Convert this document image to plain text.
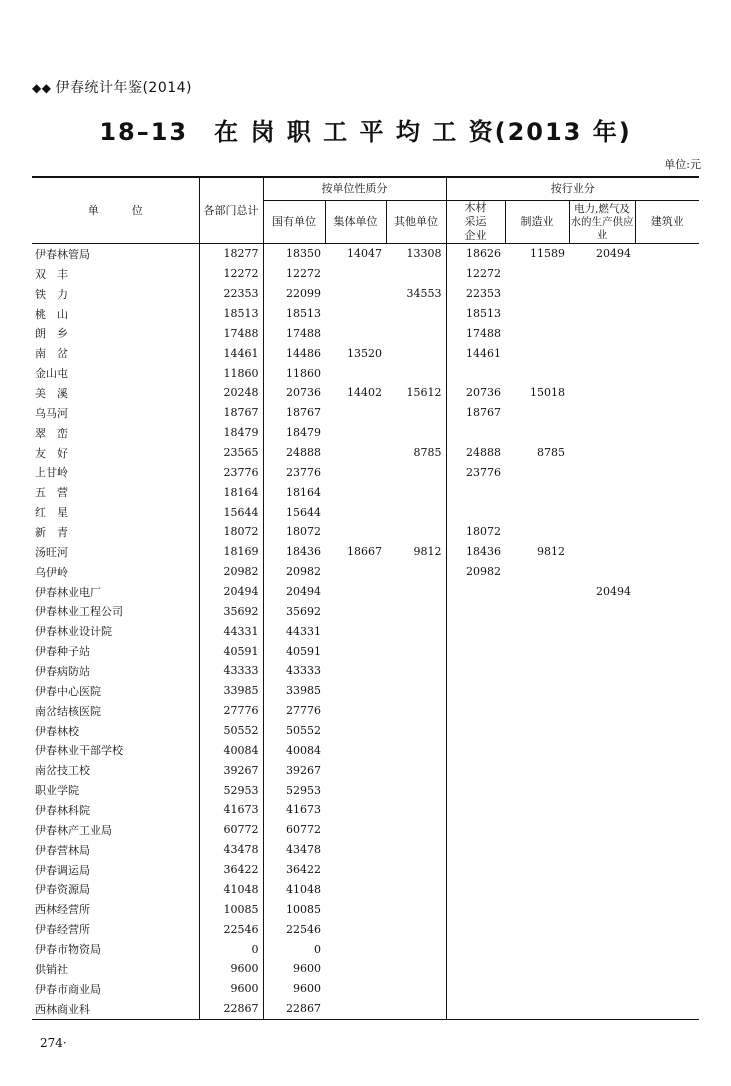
◆◆ 伊春统计年鉴(2014)
18–13　在 岗 职 工 平 均 工 资(2013 年)
单位:元
单　　　位	各部门总计	按单位性质分			按行业分			
		国有单位	集体单位	其他单位	木材采运企业	制造业	电力,燃气及水的生产供应业	建筑业
伊春林管局	18277	18350	14047	13308	18626	11589	20494	
双　丰	12272	12272			12272			
铁　力	22353	22099		34553	22353			
桃　山	18513	18513			18513			
朗　乡	17488	17488			17488			
南　岔	14461	14486	13520		14461			
金山屯	11860	11860						
美　溪	20248	20736	14402	15612	20736	15018		
乌马河	18767	18767			18767			
翠　峦	18479	18479						
友　好	23565	24888		8785	24888	8785		
上甘岭	23776	23776			23776			
五　营	18164	18164						
红　星	15644	15644						
新　青	18072	18072			18072			
汤旺河	18169	18436	18667	9812	18436	9812		
乌伊岭	20982	20982			20982			
伊春林业电厂	20494	20494					20494	
伊春林业工程公司	35692	35692						
伊春林业设计院	44331	44331						
伊春种子站	40591	40591						
伊春病防站	43333	43333						
伊春中心医院	33985	33985						
南岔结核医院	27776	27776						
伊春林校	50552	50552						
伊春林业干部学校	40084	40084						
南岔技工校	39267	39267						
职业学院	52953	52953						
伊春林科院	41673	41673						
伊春林产工业局	60772	60772						
伊春营林局	43478	43478						
伊春调运局	36422	36422						
伊春资源局	41048	41048						
西林经营所	10085	10085						
伊春经营所	22546	22546						
伊春市物资局	0	0						
供销社	9600	9600						
伊春市商业局	9600	9600						
西林商业科	22867	22867						
274·
